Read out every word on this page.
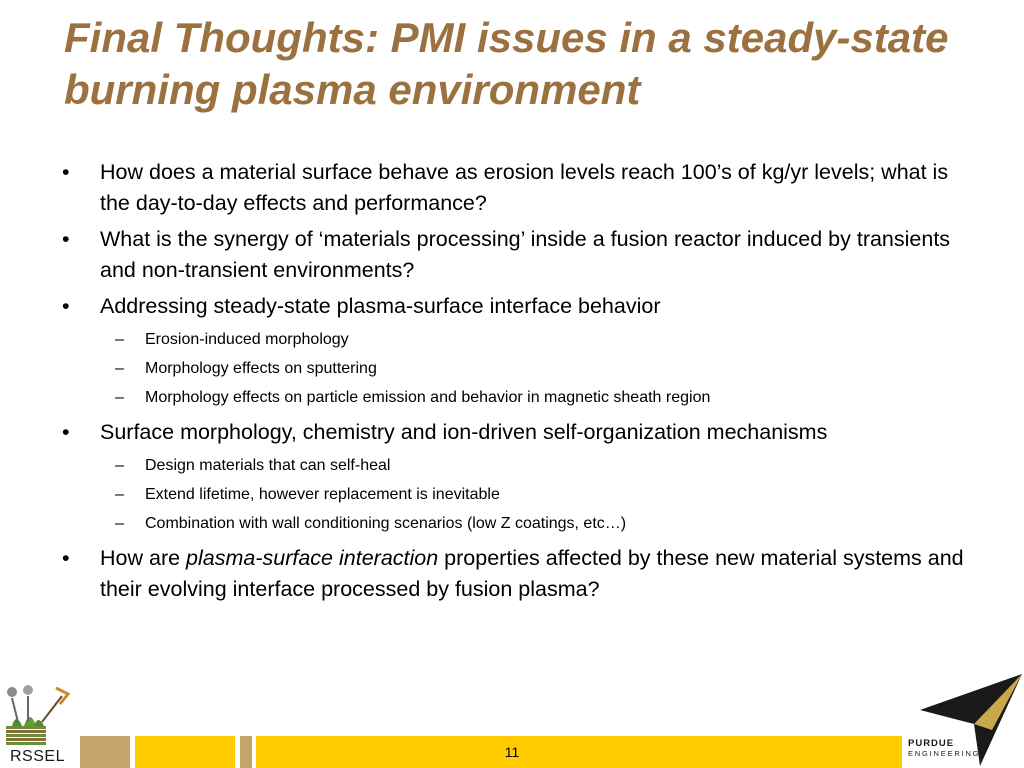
Final Thoughts: PMI issues in a steady-state burning plasma environment
• How does a material surface behave as erosion levels reach 100’s of kg/yr levels; what is the day-to-day effects and performance?
• What is the synergy of ‘materials processing’ inside a fusion reactor induced by transients and non-transient environments?
• Addressing steady-state plasma-surface interface behavior
– Erosion-induced morphology
– Morphology effects on sputtering
– Morphology effects on particle emission and behavior in magnetic sheath region
• Surface morphology, chemistry and ion-driven self-organization mechanisms
– Design materials that can self-heal
– Extend lifetime, however replacement is inevitable
– Combination with wall conditioning scenarios (low Z coatings, etc…)
• How are plasma-surface interaction properties affected by these new material systems and their evolving interface processed by fusion plasma?
11
RSSEL
PURDUE
ENGINEERING
